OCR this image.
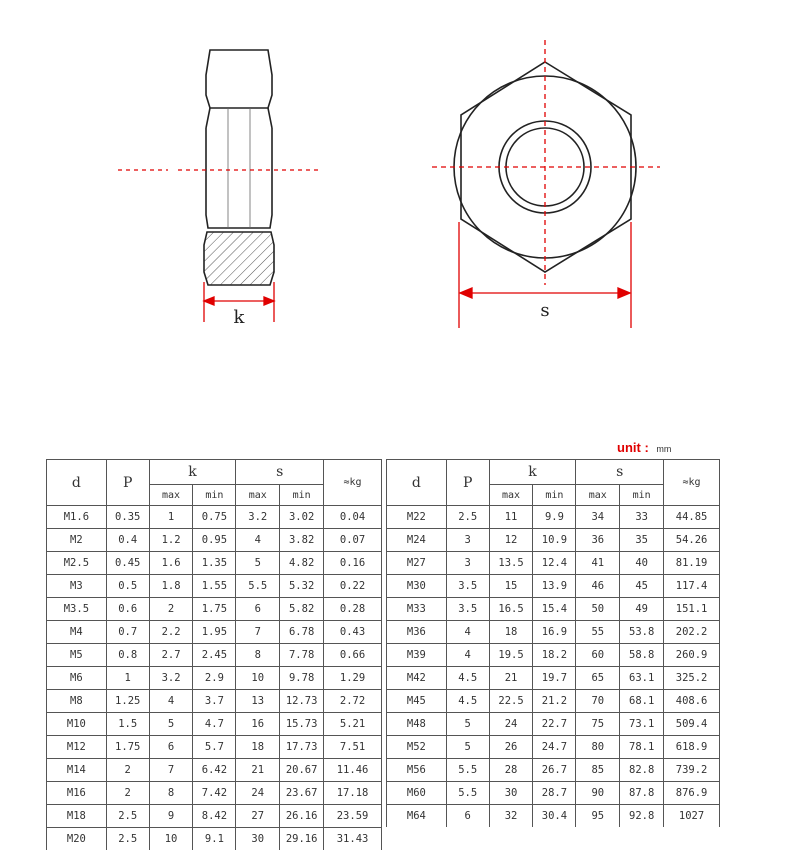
k	s
unit : mm
d	P	k		s		≈kg
		max	min	max	min	
M1.6	0.35	1	0.75	3.2	3.02	0.04
M2	0.4	1.2	0.95	4	3.82	0.07
M2.5	0.45	1.6	1.35	5	4.82	0.16
M3	0.5	1.8	1.55	5.5	5.32	0.22
M3.5	0.6	2	1.75	6	5.82	0.28
M4	0.7	2.2	1.95	7	6.78	0.43
M5	0.8	2.7	2.45	8	7.78	0.66
M6	1	3.2	2.9	10	9.78	1.29
M8	1.25	4	3.7	13	12.73	2.72
M10	1.5	5	4.7	16	15.73	5.21
M12	1.75	6	5.7	18	17.73	7.51
M14	2	7	6.42	21	20.67	11.46
M16	2	8	7.42	24	23.67	17.18
M18	2.5	9	8.42	27	26.16	23.59
M20	2.5	10	9.1	30	29.16	31.43
d	P	k		s		≈kg
		max	min	max	min	
M22	2.5	11	9.9	34	33	44.85
M24	3	12	10.9	36	35	54.26
M27	3	13.5	12.4	41	40	81.19
M30	3.5	15	13.9	46	45	117.4
M33	3.5	16.5	15.4	50	49	151.1
M36	4	18	16.9	55	53.8	202.2
M39	4	19.5	18.2	60	58.8	260.9
M42	4.5	21	19.7	65	63.1	325.2
M45	4.5	22.5	21.2	70	68.1	408.6
M48	5	24	22.7	75	73.1	509.4
M52	5	26	24.7	80	78.1	618.9
M56	5.5	28	26.7	85	82.8	739.2
M60	5.5	30	28.7	90	87.8	876.9
M64	6	32	30.4	95	92.8	1027
